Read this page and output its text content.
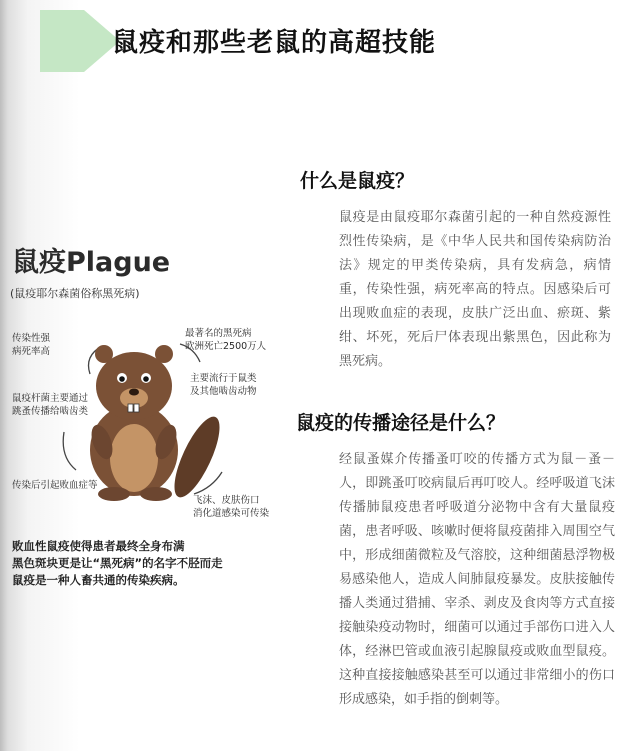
鼠疫和那些老鼠的高超技能
什么是鼠疫？

鼠疫是由鼠疫耶尔森菌引起的一种自然疫源性烈性传染病，是《中华人民共和国传染病防治法》规定的甲类传染病，具有发病急，病情重，传染性强，病死率高的特点。因感染后可出现败血症的表现，皮肤广泛出血、瘀斑、紫绀、坏死，死后尸体表现出紫黑色，因此称为黑死病。

鼠疫的传播途径是什么？

经鼠蚤媒介传播蚤叮咬的传播方式为鼠－蚤－人，即跳蚤叮咬病鼠后再叮咬人。经呼吸道飞沫传播肺鼠疫患者呼吸道分泌物中含有大量鼠疫菌，患者呼吸、咳嗽时便将鼠疫菌排入周围空气中，形成细菌微粒及气溶胶，这种细菌悬浮物极易感染他人，造成人间肺鼠疫暴发。皮肤接触传播人类通过猎捕、宰杀、剥皮及食肉等方式直接接触染疫动物时，细菌可以通过手部伤口进入人体，经淋巴管或血液引起腺鼠疫或败血型鼠疫。这种直接接触感染甚至可以通过非常细小的伤口形成感染，如手指的倒刺等。

鼠疫Plague
(鼠疫耶尔森菌俗称黑死病)
传染性强
病死率高
最著名的黑死病
欧洲死亡2500万人
鼠疫杆菌主要通过
跳蚤传播给啮齿类
主要流行于鼠类
及其他啮齿动物
传染后引起败血症等
飞沫、皮肤伤口
消化道感染可传染
败血性鼠疫使得患者最终全身布满
黑色斑块更是让“黑死病”的名字不胫而走
鼠疫是一种人畜共通的传染疾病。
